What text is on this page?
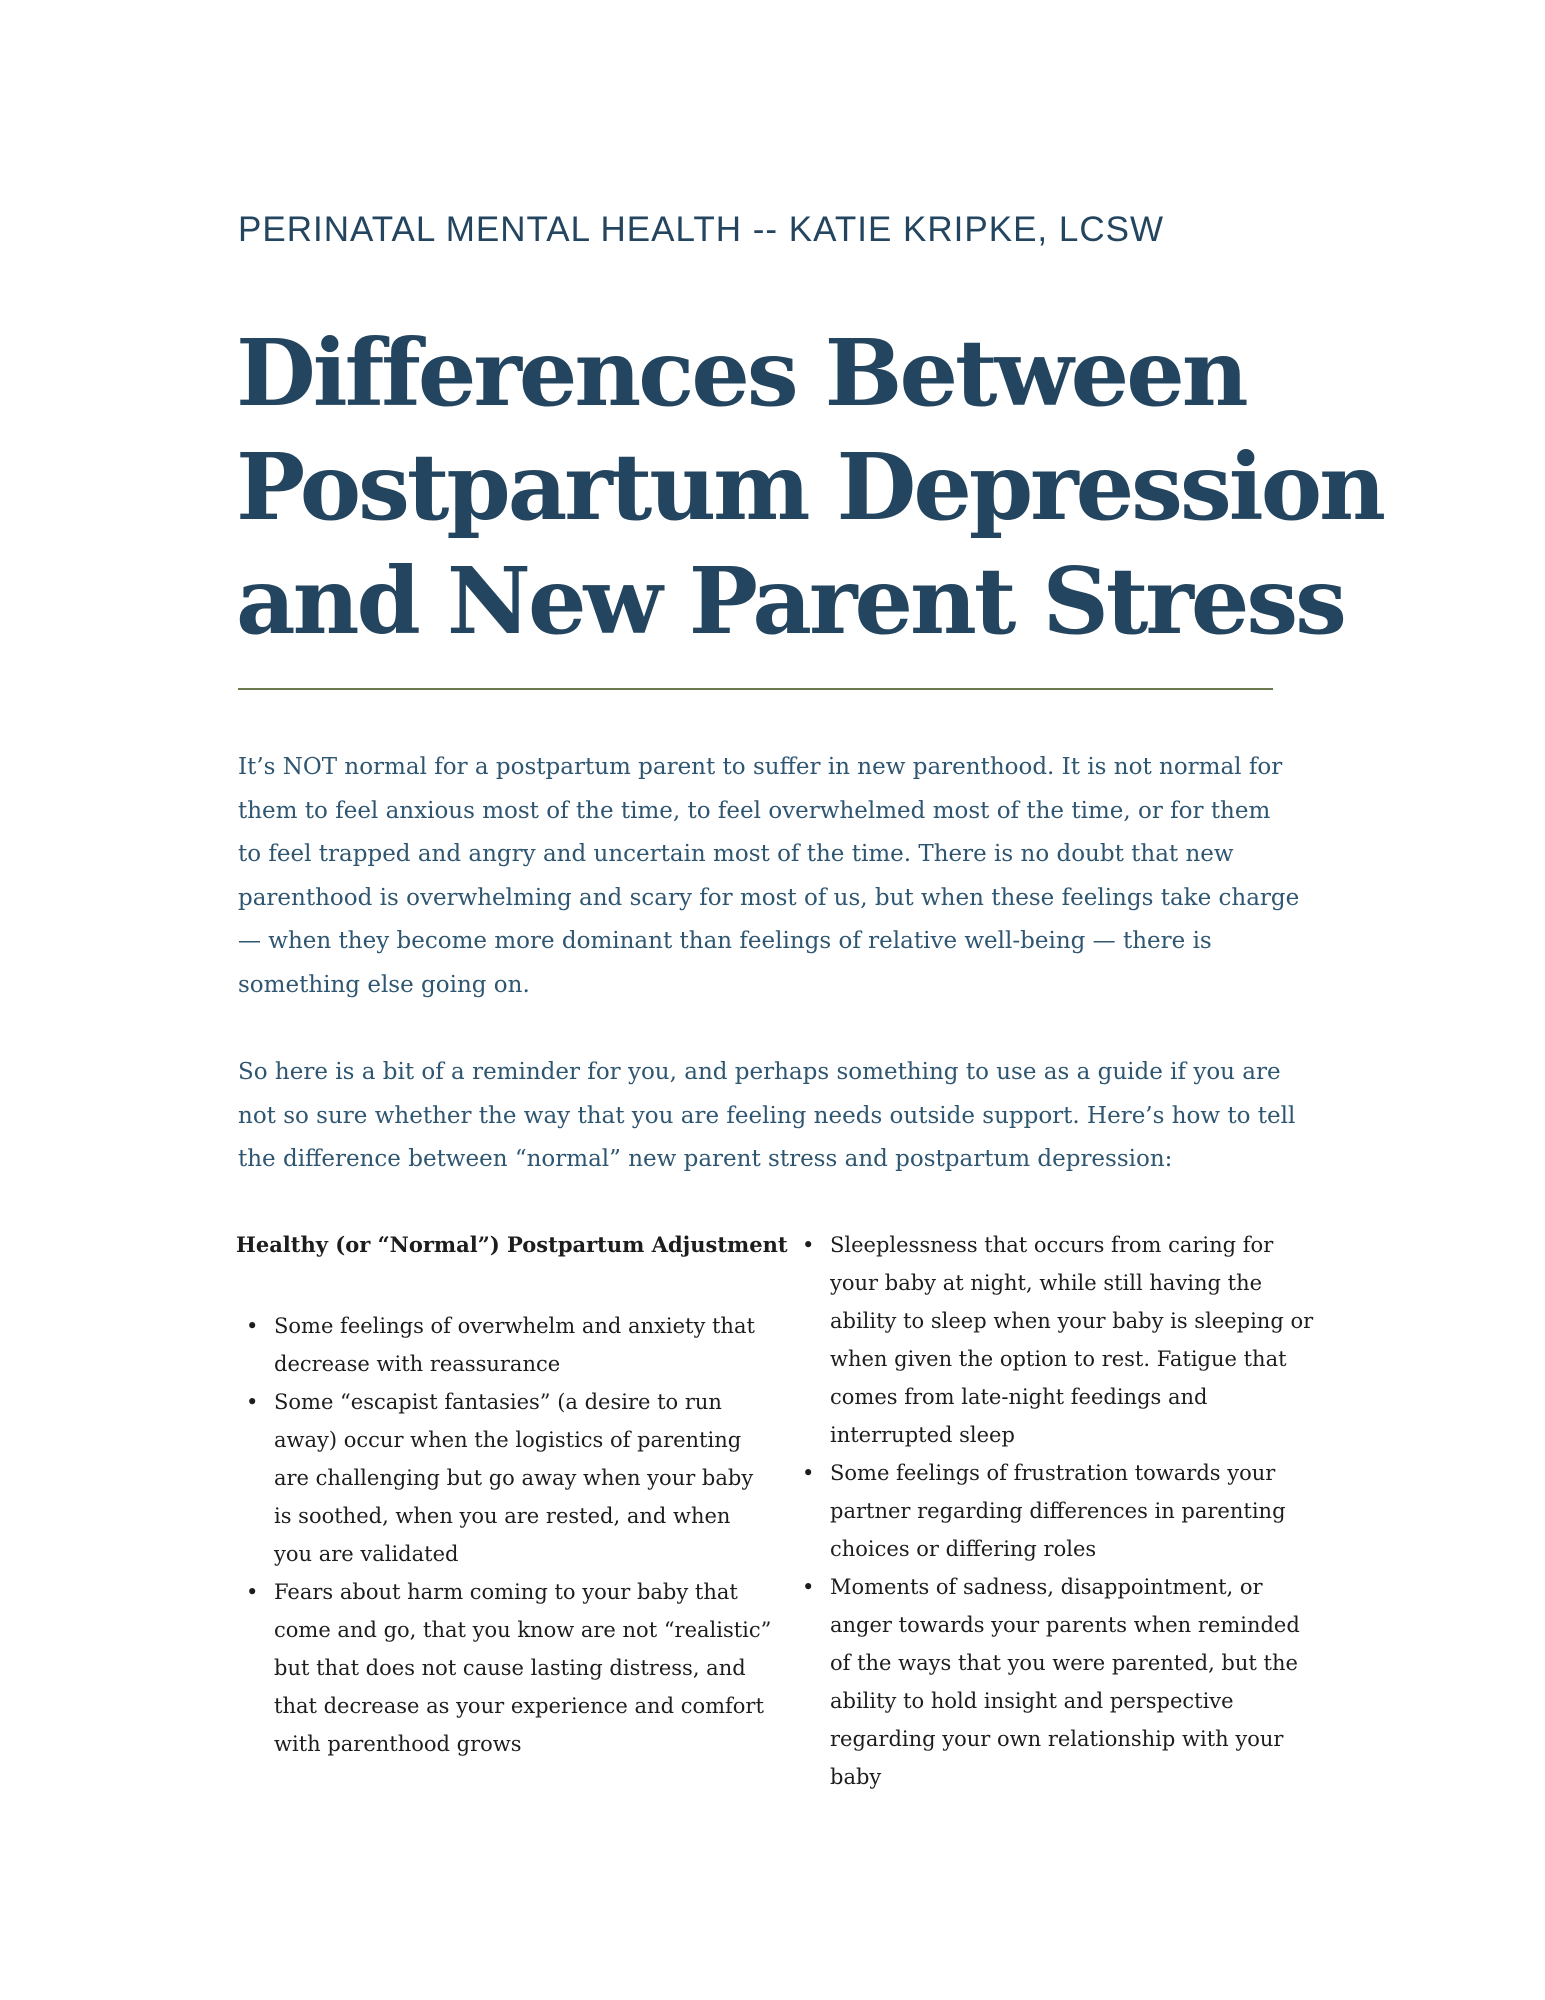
PERINATAL MENTAL HEALTH -- KATIE KRIPKE, LCSW
Differences Between
Postpartum Depression
and New Parent Stress

It’s NOT normal for a postpartum parent to suffer in new parenthood. It is not normal for
them to feel anxious most of the time, to feel overwhelmed most of the time, or for them
to feel trapped and angry and uncertain most of the time. There is no doubt that new
parenthood is overwhelming and scary for most of us, but when these feelings take charge
— when they become more dominant than feelings of relative well-being — there is
something else going on.

So here is a bit of a reminder for you, and perhaps something to use as a guide if you are
not so sure whether the way that you are feeling needs outside support. Here’s how to tell
the difference between “normal” new parent stress and postpartum depression:

Healthy (or “Normal”) Postpartum Adjustment
• Some feelings of overwhelm and anxiety that
decrease with reassurance
• Some “escapist fantasies” (a desire to run
away) occur when the logistics of parenting
are challenging but go away when your baby
is soothed, when you are rested, and when
you are validated
• Fears about harm coming to your baby that
come and go, that you know are not “realistic”
but that does not cause lasting distress, and
that decrease as your experience and comfort
with parenthood grows
• Sleeplessness that occurs from caring for
your baby at night, while still having the
ability to sleep when your baby is sleeping or
when given the option to rest. Fatigue that
comes from late-night feedings and
interrupted sleep
• Some feelings of frustration towards your
partner regarding differences in parenting
choices or differing roles
• Moments of sadness, disappointment, or
anger towards your parents when reminded
of the ways that you were parented, but the
ability to hold insight and perspective
regarding your own relationship with your
baby
